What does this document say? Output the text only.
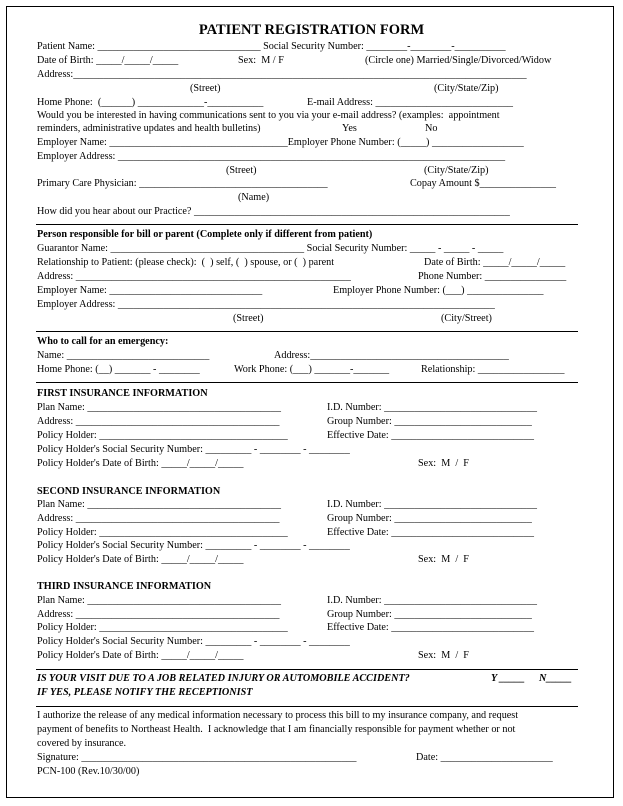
PATIENT REGISTRATION FORM
Patient Name: ________________________________ Social Security Number: ________-________-__________
Date of Birth: _____/_____/_____	Sex:  M / F	(Circle one) Married/Single/Divorced/Widow
Address:_________________________________________________________________________________________
(Street)	(City/State/Zip)
Home Phone:  (______) _____________-___________	E-mail Address: ___________________________
Would you be interested in having communications sent to you via your e-mail address? (examples:  appointment
reminders, administrative updates and health bulletins)	Yes	No
Employer Name: ___________________________________Employer Phone Number: (_____) __________________
Employer Address: ____________________________________________________________________________
(Street)	(City/State/Zip)
Primary Care Physician: _____________________________________	Copay Amount $_______________
(Name)
How did you hear about our Practice? ______________________________________________________________
Person responsible for bill or parent (Complete only if different from patient)
Guarantor Name: ______________________________________ Social Security Number: _____ - _____ - _____
Relationship to Patient: (please check):  (  ) self, (  ) spouse, or (  ) parent	Date of Birth: _____/_____/_____
Address: ______________________________________________________	Phone Number: ________________
Employer Name: ______________________________	Employer Phone Number: (___) _______________
Employer Address: __________________________________________________________________________
(Street)	(City/Street)
Who to call for an emergency:
Name: ____________________________	Address:_______________________________________
Home Phone: (__) _______ - ________	Work Phone: (___) _______-_______	Relationship: _________________
FIRST INSURANCE INFORMATION
Plan Name: ______________________________________	I.D. Number: ______________________________
Address: ________________________________________	Group Number: ___________________________
Policy Holder: _____________________________________	Effective Date: ____________________________
Policy Holder's Social Security Number: _________ - ________ - ________
Policy Holder's Date of Birth: _____/_____/_____	Sex:  M  /  F
SECOND INSURANCE INFORMATION
Plan Name: ______________________________________	I.D. Number: ______________________________
Address: ________________________________________	Group Number: ___________________________
Policy Holder: _____________________________________	Effective Date: ____________________________
Policy Holder's Social Security Number: _________ - ________ - ________
Policy Holder's Date of Birth: _____/_____/_____	Sex:  M  /  F
THIRD INSURANCE INFORMATION
Plan Name: ______________________________________	I.D. Number: ______________________________
Address: ________________________________________	Group Number: ___________________________
Policy Holder: _____________________________________	Effective Date: ____________________________
Policy Holder's Social Security Number: _________ - ________ - ________
Policy Holder's Date of Birth: _____/_____/_____	Sex:  M  /  F
IS YOUR VISIT DUE TO A JOB RELATED INJURY OR AUTOMOBILE ACCIDENT?	Y _____ N_____
IF YES, PLEASE NOTIFY THE RECEPTIONIST
I authorize the release of any medical information necessary to process this bill to my insurance company, and request
payment of benefits to Northeast Health.  I acknowledge that I am financially responsible for payment whether or not
covered by insurance.
Signature: ______________________________________________________	Date: ______________________
PCN-100 (Rev.10/30/00)
